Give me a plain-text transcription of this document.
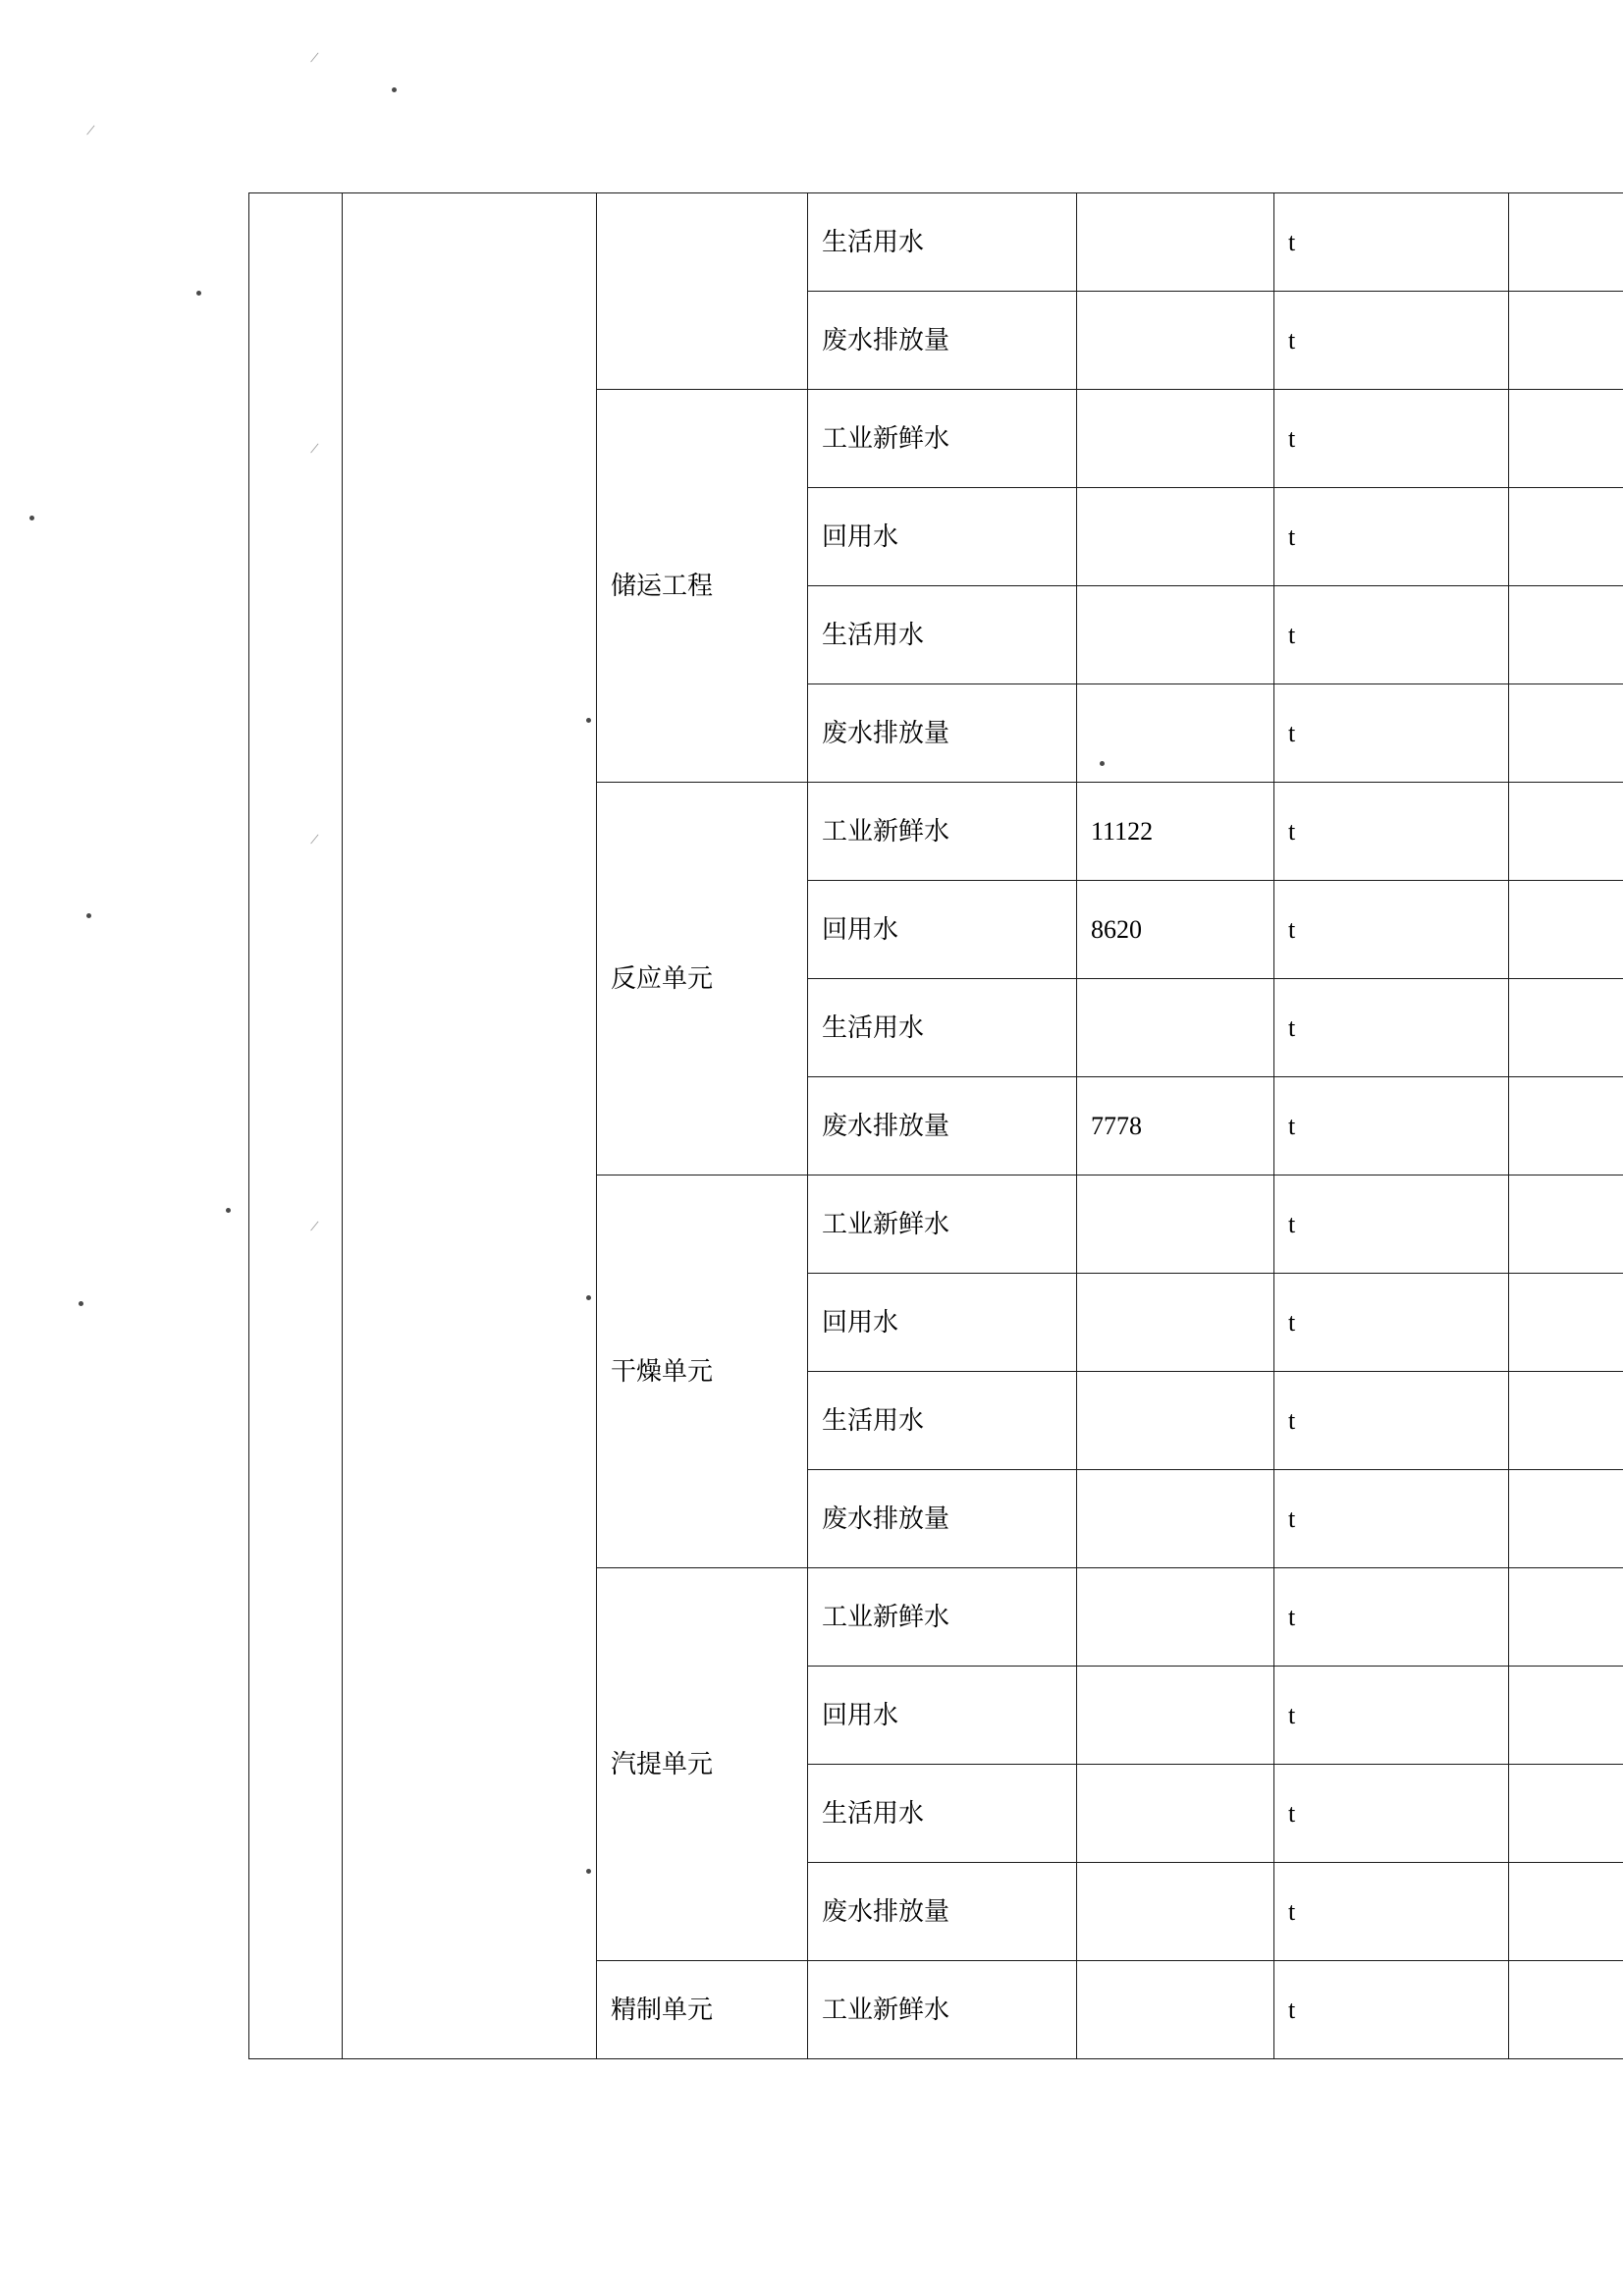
/
/
/
/
/
			生活用水		t	
			废水排放量		t	
		储运工程	工业新鲜水		t	
			回用水		t	
			生活用水		t	
			废水排放量		t	
		反应单元	工业新鲜水	11122	t	
			回用水	8620	t	
			生活用水		t	
			废水排放量	7778	t	
		干燥单元	工业新鲜水		t	
			回用水		t	
			生活用水		t	
			废水排放量		t	
		汽提单元	工业新鲜水		t	
			回用水		t	
			生活用水		t	
			废水排放量		t	
		精制单元	工业新鲜水		t	
